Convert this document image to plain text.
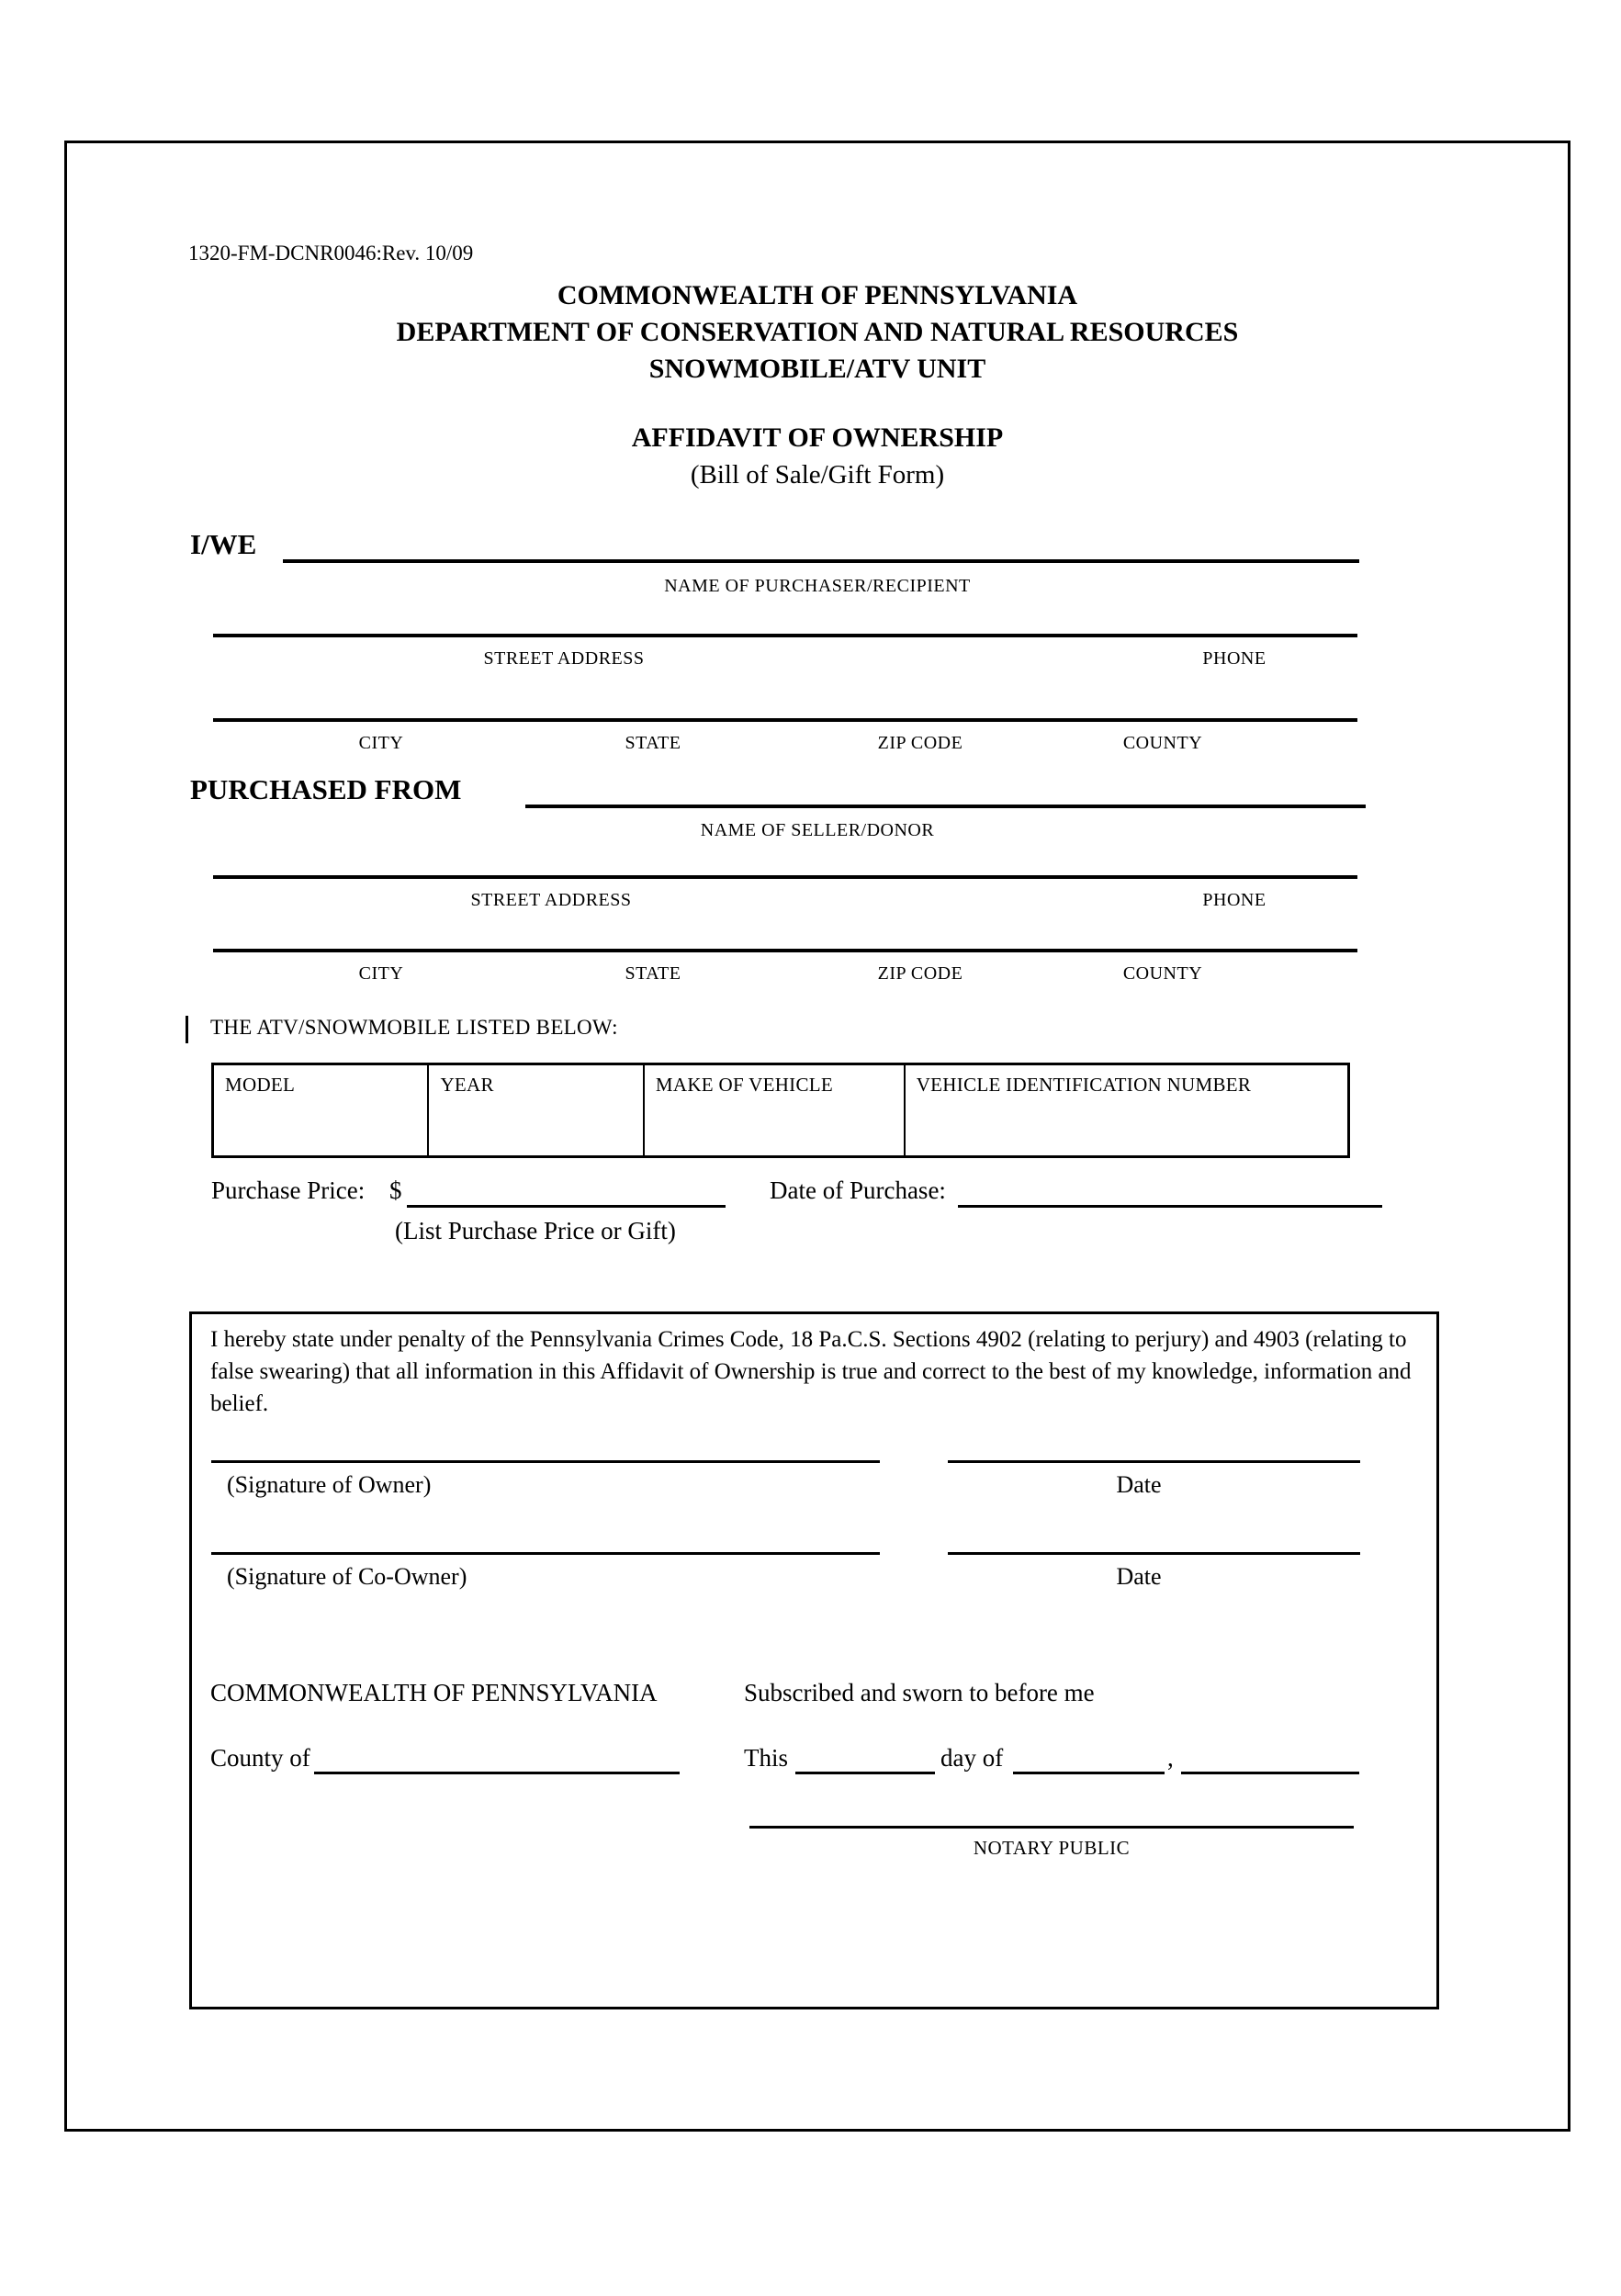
1320-FM-DCNR0046:Rev. 10/09
COMMONWEALTH OF PENNSYLVANIA
DEPARTMENT OF CONSERVATION AND NATURAL RESOURCES
SNOWMOBILE/ATV UNIT
AFFIDAVIT OF OWNERSHIP
(Bill of Sale/Gift Form)
I/WE
NAME OF PURCHASER/RECIPIENT
STREET ADDRESS	PHONE
CITY	STATE	ZIP CODE	COUNTY
PURCHASED FROM
NAME OF SELLER/DONOR
STREET ADDRESS	PHONE
CITY	STATE	ZIP CODE	COUNTY
THE ATV/SNOWMOBILE LISTED BELOW:
MODEL	YEAR	MAKE OF VEHICLE	VEHICLE IDENTIFICATION NUMBER
Purchase Price: $	Date of Purchase:
(List Purchase Price or Gift)
I hereby state under penalty of the Pennsylvania Crimes Code, 18 Pa.C.S. Sections 4902 (relating to perjury) and 4903 (relating to false swearing) that all information in this Affidavit of Ownership is true and correct to the best of my knowledge, information and belief.
(Signature of Owner)	Date
(Signature of Co-Owner)	Date
COMMONWEALTH OF PENNSYLVANIA	Subscribed and sworn to before me
County of	This	day of	,
NOTARY PUBLIC
